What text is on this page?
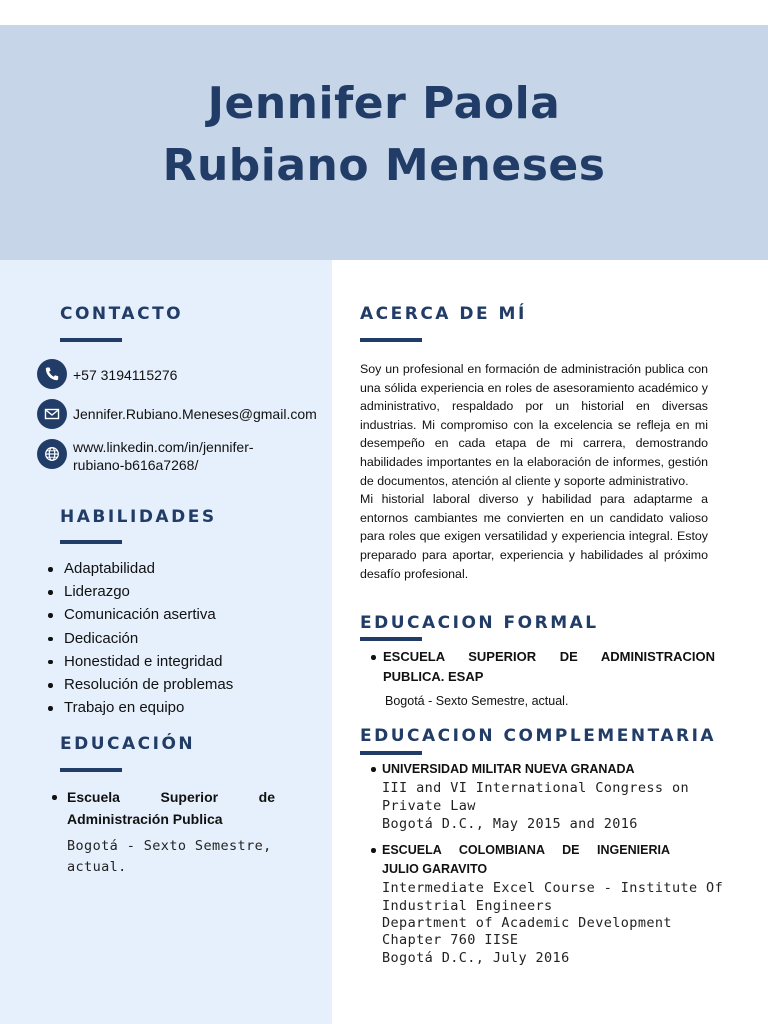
Jennifer Paola
Rubiano Meneses
CONTACTO
+57 3194115276
Jennifer.Rubiano.Meneses@gmail.com
www.linkedin.com/in/jennifer-
rubiano-b616a7268/
HABILIDADES
Adaptabilidad
Liderazgo
Comunicación asertiva
Dedicación
Honestidad e integridad
Resolución de problemas
Trabajo en equipo
EDUCACIÓN
Escuela Superior de
Administración Publica
Bogotá - Sexto Semestre,
actual.
ACERCA DE MÍ

Soy un profesional en formación de administración publica con una sólida experiencia en roles de asesoramiento académico y administrativo, respaldado por un historial en diversas industrias. Mi compromiso con la excelencia se refleja en mi desempeño en cada etapa de mi carrera, demostrando habilidades importantes en la elaboración de informes, gestión de documentos, atención al cliente y soporte administrativo.

Mi historial laboral diverso y habilidad para adaptarme a entornos cambiantes me convierten en un candidato valioso para roles que exigen versatilidad y experiencia integral. Estoy preparado para aportar, experiencia y habilidades al próximo desafío profesional.

EDUCACION FORMAL
ESCUELA SUPERIOR DE ADMINISTRACION PUBLICA. ESAP
Bogotá - Sexto Semestre, actual.
EDUCACION COMPLEMENTARIA
UNIVERSIDAD MILITAR NUEVA GRANADA
III and VI International Congress on
Private Law
Bogotá D.C., May 2015 and 2016
ESCUELA COLOMBIANA DE INGENIERIA
JULIO GARAVITO
Intermediate Excel Course - Institute Of
Industrial Engineers
Department of Academic Development
Chapter 760 IISE
Bogotá D.C., July 2016
